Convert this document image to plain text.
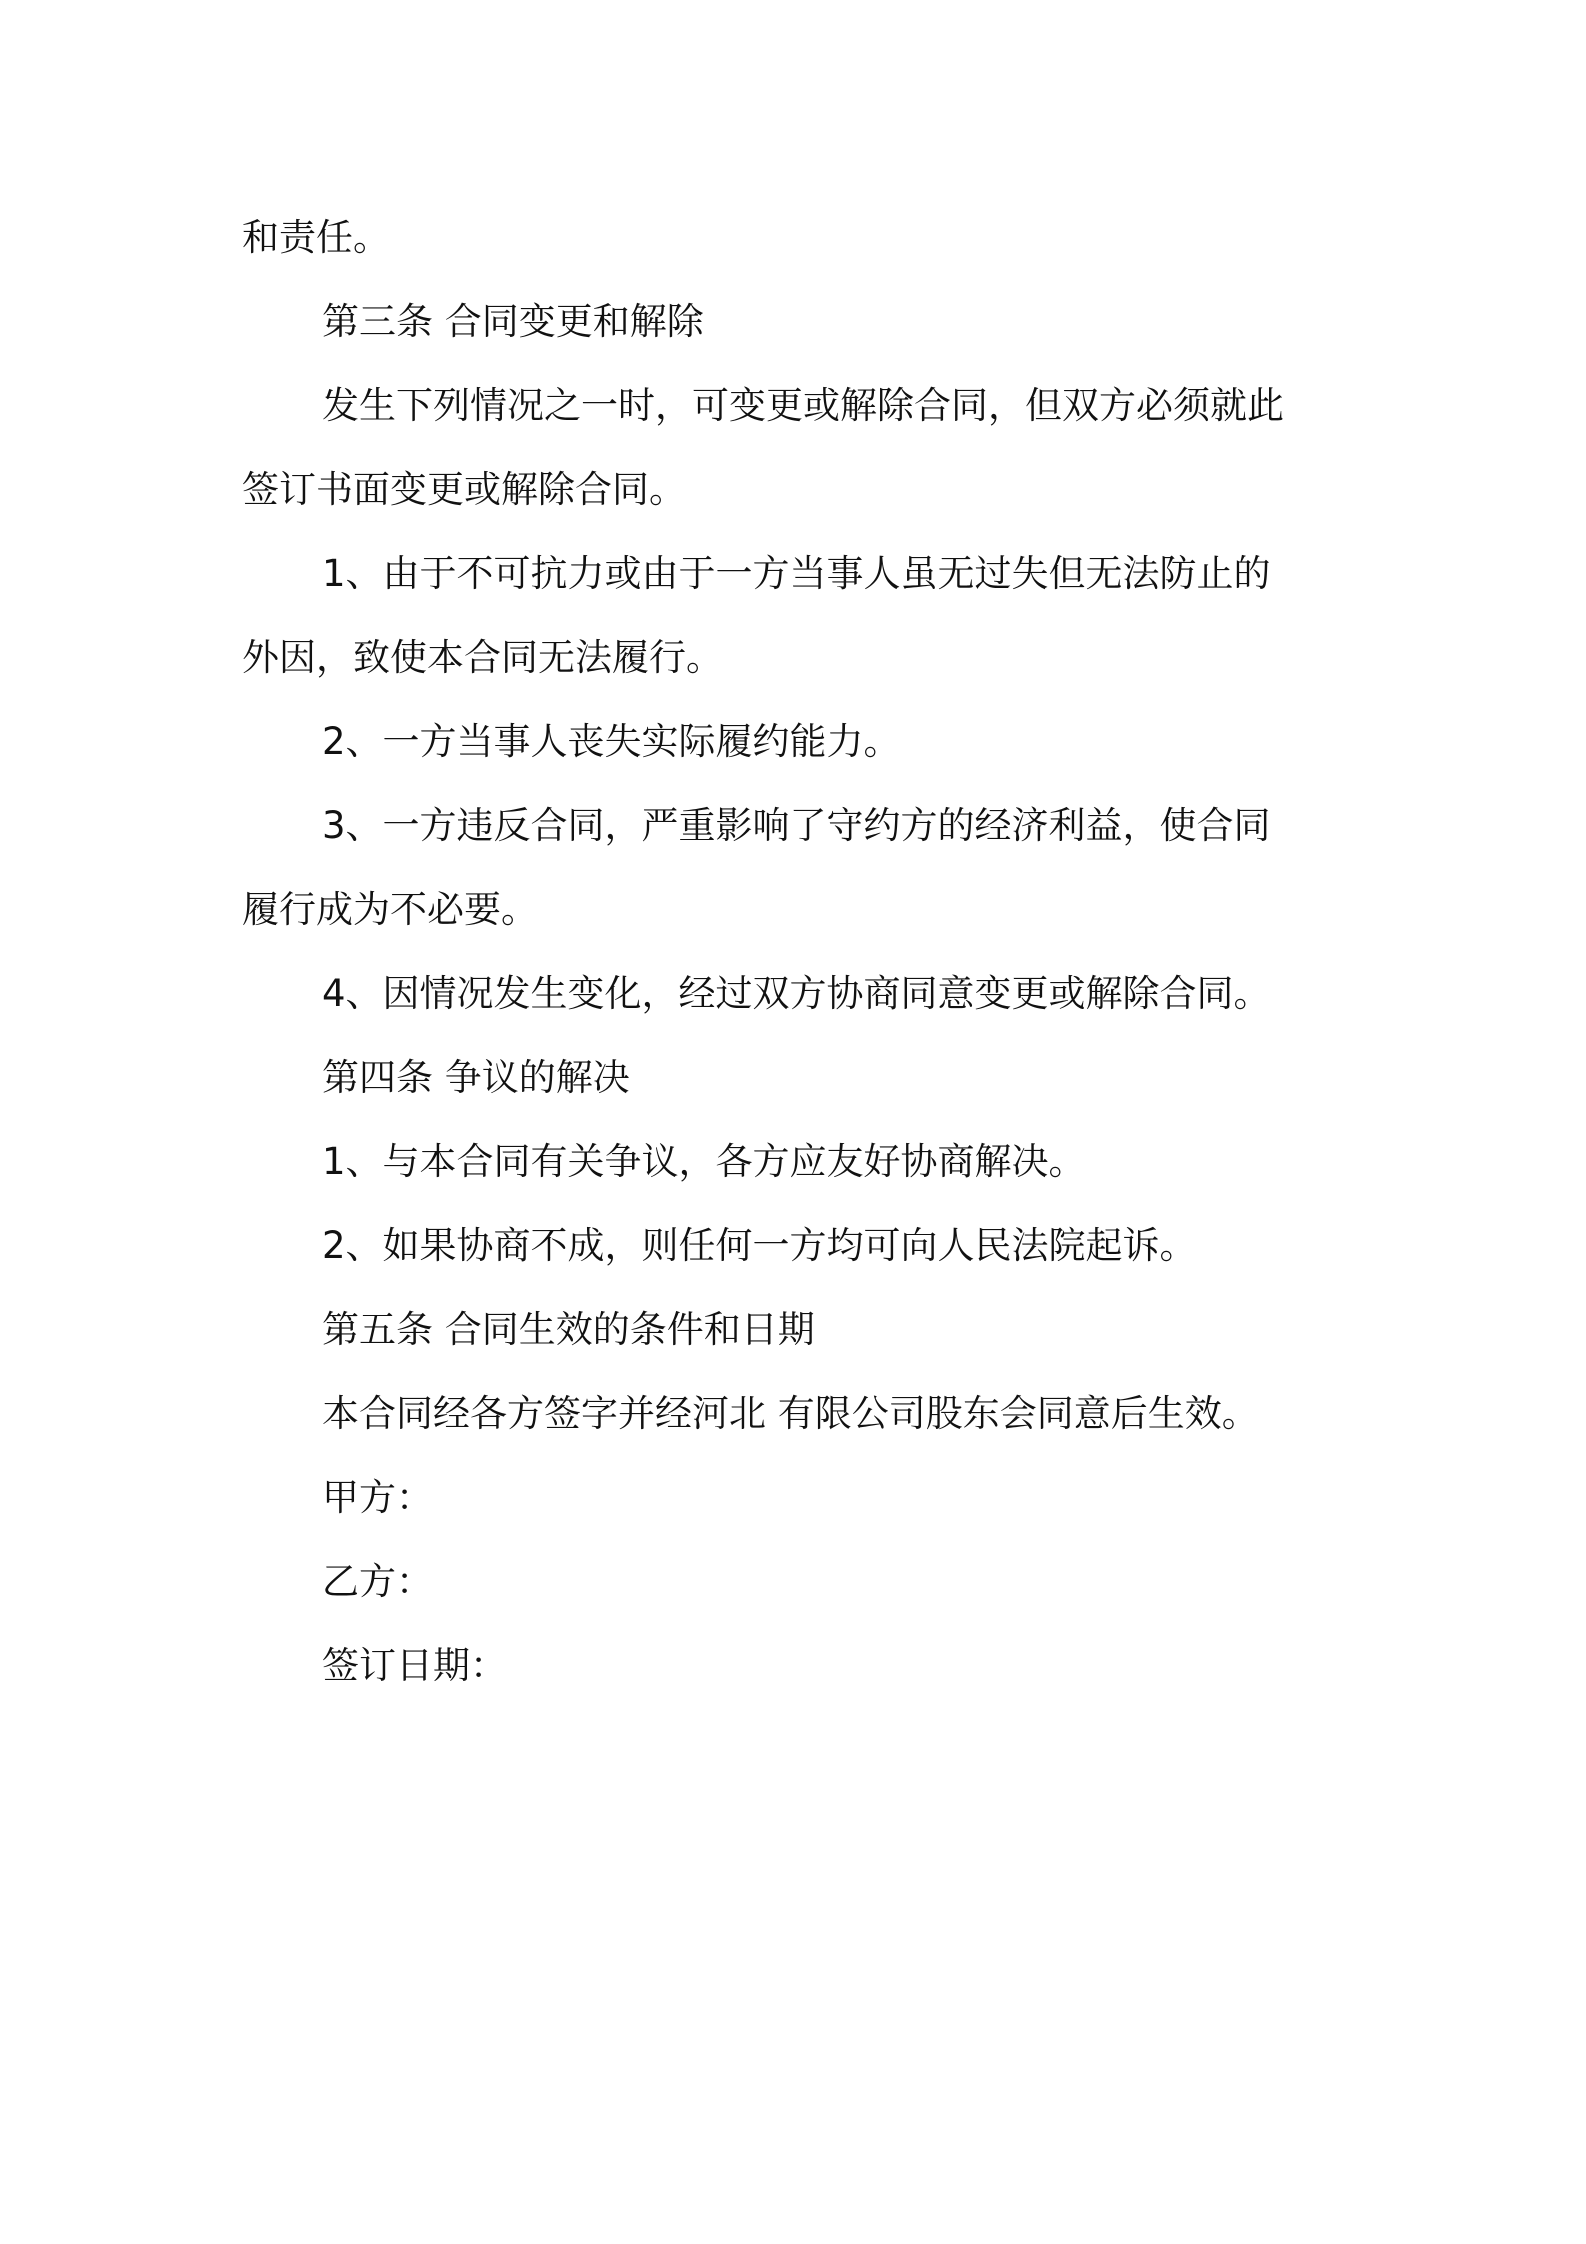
和责任。
第三条 合同变更和解除
发生下列情况之一时，可变更或解除合同，但双方必须就此
签订书面变更或解除合同。
1、由于不可抗力或由于一方当事人虽无过失但无法防止的
外因，致使本合同无法履行。
2、一方当事人丧失实际履约能力。
3、一方违反合同，严重影响了守约方的经济利益，使合同
履行成为不必要。
4、因情况发生变化，经过双方协商同意变更或解除合同。
第四条 争议的解决
1、与本合同有关争议，各方应友好协商解决。
2、如果协商不成，则任何一方均可向人民法院起诉。
第五条 合同生效的条件和日期
本合同经各方签字并经河北 有限公司股东会同意后生效。
甲方：
乙方：
签订日期：
